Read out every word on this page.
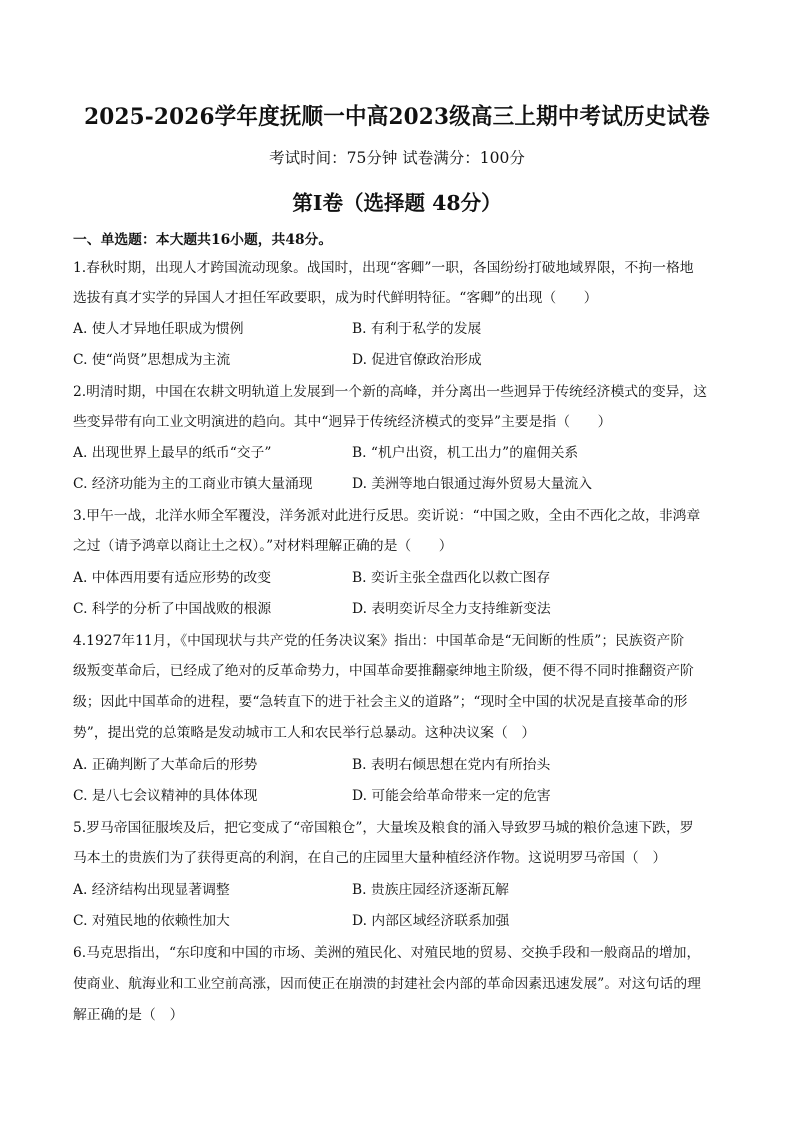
2025-2026学年度抚顺一中高2023级高三上期中考试历史试卷
考试时间：75分钟 试卷满分：100分
第Ⅰ卷（选择题 48分）
一、单选题：本大题共16小题，共48分。
1.春秋时期，出现人才跨国流动现象。战国时，出现“客卿”一职，各国纷纷打破地域界限，不拘一格地
选拔有真才实学的异国人才担任军政要职，成为时代鲜明特征。“客卿”的出现（　　）
A. 使人才异地任职成为惯例	B. 有利于私学的发展
C. 使“尚贤”思想成为主流	D. 促进官僚政治形成
2.明清时期，中国在农耕文明轨道上发展到一个新的高峰，并分离出一些迥异于传统经济模式的变异，这
些变异带有向工业文明演进的趋向。其中“迥异于传统经济模式的变异”主要是指（　　）
A. 出现世界上最早的纸币“交子”	B. “机户出资，机工出力”的雇佣关系
C. 经济功能为主的工商业市镇大量涌现	D. 美洲等地白银通过海外贸易大量流入
3.甲午一战，北洋水师全军覆没，洋务派对此进行反思。奕䜣说：“中国之败，全由不西化之故，非鸿章
之过（请予鸿章以商让土之权）。”对材料理解正确的是（　　）
A. 中体西用要有适应形势的改变	B. 奕䜣主张全盘西化以救亡图存
C. 科学的分析了中国战败的根源	D. 表明奕䜣尽全力支持维新变法
4.1927年11月，《中国现状与共产党的任务决议案》指出：中国革命是“无间断的性质”；民族资产阶
级叛变革命后，已经成了绝对的反革命势力，中国革命要推翻豪绅地主阶级，便不得不同时推翻资产阶
级；因此中国革命的进程，要“急转直下的进于社会主义的道路”；“现时全中国的状况是直接革命的形
势”，提出党的总策略是发动城市工人和农民举行总暴动。这种决议案（　）
A. 正确判断了大革命后的形势	B. 表明右倾思想在党内有所抬头
C. 是八七会议精神的具体体现	D. 可能会给革命带来一定的危害
5.罗马帝国征服埃及后，把它变成了“帝国粮仓”，大量埃及粮食的涌入导致罗马城的粮价急速下跌，罗
马本土的贵族们为了获得更高的利润，在自己的庄园里大量种植经济作物。这说明罗马帝国（　）
A. 经济结构出现显著调整	B. 贵族庄园经济逐渐瓦解
C. 对殖民地的依赖性加大	D. 内部区域经济联系加强
6.马克思指出，“东印度和中国的市场、美洲的殖民化、对殖民地的贸易、交换手段和一般商品的增加，
使商业、航海业和工业空前高涨，因而使正在崩溃的封建社会内部的革命因素迅速发展”。对这句话的理
解正确的是（　）
